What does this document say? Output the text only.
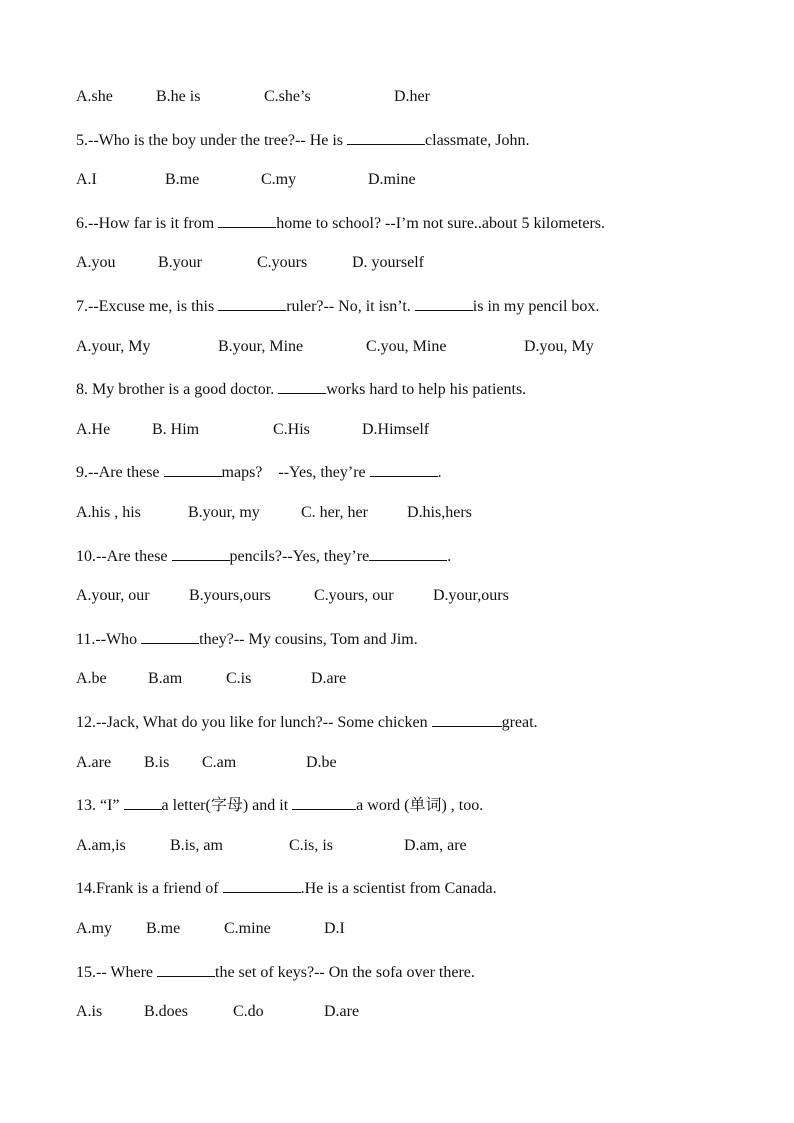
A.she

	B.he is

	C.she’s

	D.her

5.--Who is the boy under the tree?-- He is	classmate, John.

A.I

	B.me

	C.my

	D.mine

6.--How far is it from	home to school? --I’m not sure..about 5 kilometers.

A.you

	B.your

	C.yours

	D. yourself

7.--Excuse me, is this	ruler?-- No, it isn’t.	is in my pencil box.

A.your, My

	B.your, Mine

	C.you, Mine

	D.you, My

8. My brother is a good doctor.	works hard to help his patients.

A.He

	B. Him

	C.His

	D.Himself

9.--Are these	maps?    --Yes, they’re	.

A.his , his

	B.your, my

	C. her, her

D.his,hers

10.--Are these	pencils?--Yes, they’re	.

A.your, our

B.yours,ours

	C.yours, our

D.your,ours

11.--Who	they?-- My cousins, Tom and Jim.

A.be

	B.am

	C.is

	D.are

12.--Jack, What do you like for lunch?-- Some chicken	great.

A.are

B.is

C.am

	D.be

13. “I” a letter(字母) and it	a word (单词) , too.

A.am,is

	B.is, am

	C.is, is

	D.am, are

14.Frank is a friend of	.He is a scientist from Canada.

A.my

B.me

	C.mine

	D.I

15.-- Where	the set of keys?-- On the sofa over there.

A.is

	B.does

	C.do

	D.are
